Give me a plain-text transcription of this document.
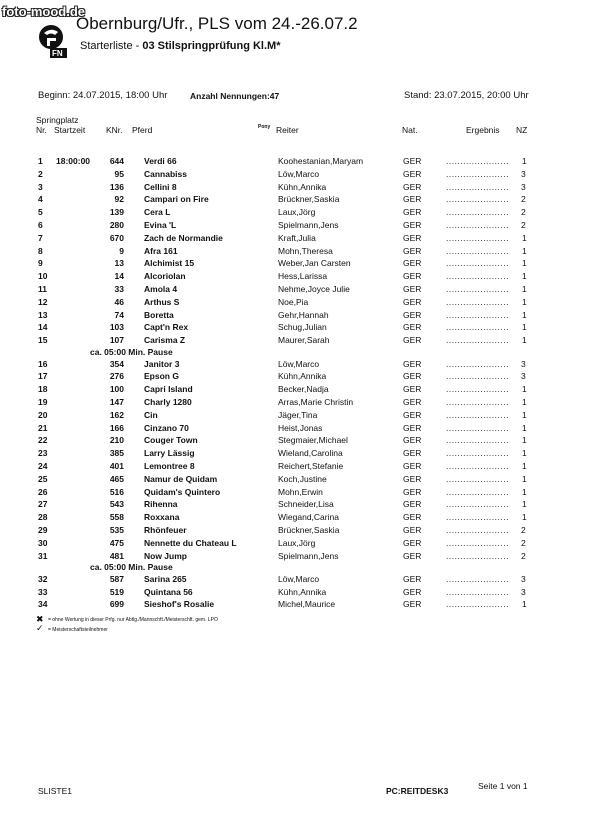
foto-mood.de
FN
Obernburg/Ufr., PLS vom 24.-26.07.2
Starterliste - 03 Stilspringprüfung Kl.M*
Beginn: 24.07.2015, 18:00 Uhr	Anzahl Nennungen:47	Stand: 23.07.2015, 20:00 Uhr
Springplatz
Nr. Startzeit KNr. Pferd	Pony Reiter	Nat.	Ergebnis NZ
1 18:00:00	644 Verdi 66	Koohestanian,Maryam	GER	1
......................
2	95 Cannabiss	Löw,Marco	GER	3
......................
3	136 Cellini 8	Kühn,Annika	GER	3
......................
4	92 Campari on Fire	Brückner,Saskia	GER	2
......................
5	139 Cera L	Laux,Jörg	GER	2
......................
6	280 Evina 'L	Spielmann,Jens	GER	2
......................
7	670 Zach de Normandie	Kraft,Julia	GER	1
......................
8	9 Afra 161	Mohn,Theresa	GER	1
......................
9	13 Alchimist 15	Weber,Jan Carsten	GER	1
......................
10	14 Alcoriolan	Hess,Larissa	GER	1
......................
11	33 Amola 4	Nehme,Joyce Julie	GER	1
......................
12	46 Arthus S	Noe,Pia	GER	1
......................
13	74 Boretta	Gehr,Hannah	GER	1
......................
14	103 Capt'n Rex	Schug,Julian	GER	1
......................
15	107 Carisma Z	Maurer,Sarah	GER	1
......................
ca. 05:00 Min. Pause
16	354 Janitor 3	Löw,Marco	GER	3
......................
17	276 Epson G	Kühn,Annika	GER	3
......................
18	100 Capri Island	Becker,Nadja	GER	1
......................
19	147 Charly 1280	Arras,Marie Christin	GER	1
......................
20	162 Cin	Jäger,Tina	GER	1
......................
21	166 Cinzano 70	Heist,Jonas	GER	1
......................
22	210 Couger Town	Stegmaier,Michael	GER	1
......................
23	385 Larry Lässig	Wieland,Carolina	GER	1
......................
24	401 Lemontree 8	Reichert,Stefanie	GER	1
......................
25	465 Namur de Quidam	Koch,Justine	GER	1
......................
26	516 Quidam's Quintero	Mohn,Erwin	GER	1
......................
27	543 Rihenna	Schneider,Lisa	GER	1
......................
28	558 Roxxana	Wiegand,Carina	GER	1
......................
29	535 Rhönfeuer	Brückner,Saskia	GER	2
......................
30	475 Nennette du Chateau L	Laux,Jörg	GER	2
......................
31	481 Now Jump	Spielmann,Jens	GER	2
......................
ca. 05:00 Min. Pause
32	587 Sarina 265	Löw,Marco	GER	3
......................
33	519 Quintana 56	Kühn,Annika	GER	3
......................
34	699 Sieshof's Rosalie	Michel,Maurice	GER	1
......................
✖ = ohne Wertung in dieser Prfg. nur Abtlg./Mannschft./Meisterschft. gem. LPO
✓ = Meisterschaftsteilnehmer
SLISTE1	PC:REITDESK3	Seite 1 von 1
